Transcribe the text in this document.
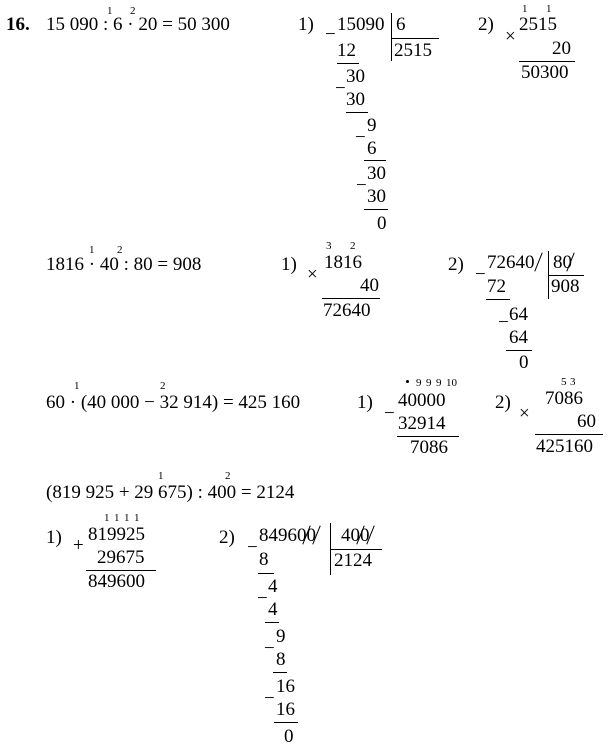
16. 15 090 : 6 · 20 = 50 300
1 2
1) − 15090 6
2515
12
30
−
30
9
−
6
30
−
30
0
2)
×
1 1
2515
20
50300
1816 · 40 : 80 = 908
1 2
1) ×
3 2
1816
40
72640
2) −
72640 80
908
72
− 64
64
0
60 · (40 000 − 32 914) = 425 160
1	2
1)
−
9 9 9 10
40000
32914
7086
2)
×
5 3
7086
60
425160
(819 925 + 29 675) : 400 = 2124
1	2
1) +
1 1 1 1
819925
29675
849600
2) −
849600 400
2124
8
4
−
4
9
−
8
16
−
16
0
